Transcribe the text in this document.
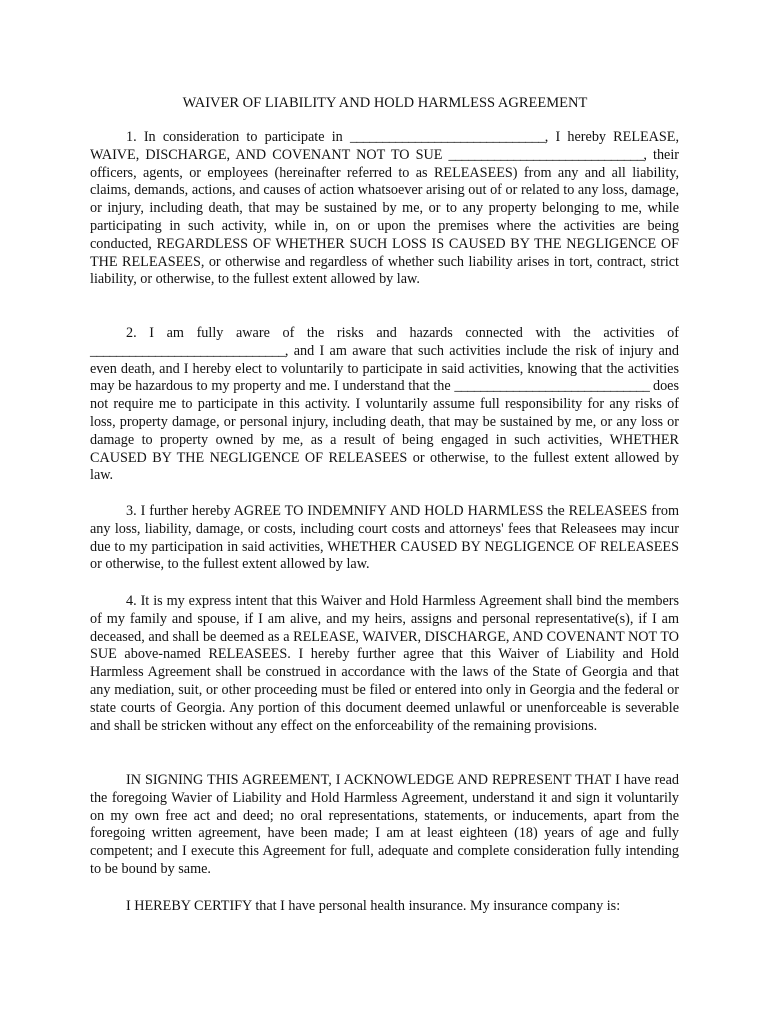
WAIVER OF LIABILITY AND HOLD HARMLESS AGREEMENT

1. In consideration to participate in ______________________________, I hereby RELEASE, WAIVE, DISCHARGE, AND COVENANT NOT TO SUE ______________________________, their officers, agents, or employees (hereinafter referred to as RELEASEES) from any and all liability, claims, demands, actions, and causes of action whatsoever arising out of or related to any loss, damage, or injury, including death, that may be sustained by me, or to any property belonging to me, while participating in such activity, while in, on or upon the premises where the activities are being conducted, REGARDLESS OF WHETHER SUCH LOSS IS CAUSED BY THE NEGLIGENCE OF THE RELEASEES, or otherwise and regardless of whether such liability arises in tort, contract, strict liability, or otherwise, to the fullest extent allowed by law.

2. I am fully aware of the risks and hazards connected with the activities of ______________________________, and I am aware that such activities include the risk of injury and even death, and I hereby elect to voluntarily to participate in said activities, knowing that the activities may be hazardous to my property and me. I understand that the ______________________________ does not require me to participate in this activity. I voluntarily assume full responsibility for any risks of loss, property damage, or personal injury, including death, that may be sustained by me, or any loss or damage to property owned by me, as a result of being engaged in such activities, WHETHER CAUSED BY THE NEGLIGENCE OF RELEASEES or otherwise, to the fullest extent allowed by law.

3. I further hereby AGREE TO INDEMNIFY AND HOLD HARMLESS the RELEASEES from any loss, liability, damage, or costs, including court costs and attorneys' fees that Releasees may incur due to my participation in said activities, WHETHER CAUSED BY NEGLIGENCE OF RELEASEES or otherwise, to the fullest extent allowed by law.

4. It is my express intent that this Waiver and Hold Harmless Agreement shall bind the members of my family and spouse, if I am alive, and my heirs, assigns and personal representative(s), if I am deceased, and shall be deemed as a RELEASE, WAIVER, DISCHARGE, AND COVENANT NOT TO SUE above-named RELEASEES. I hereby further agree that this Waiver of Liability and Hold Harmless Agreement shall be construed in accordance with the laws of the State of Georgia and that any mediation, suit, or other proceeding must be filed or entered into only in Georgia and the federal or state courts of Georgia. Any portion of this document deemed unlawful or unenforceable is severable and shall be stricken without any effect on the enforceability of the remaining provisions.

IN SIGNING THIS AGREEMENT, I ACKNOWLEDGE AND REPRESENT THAT I have read the foregoing Wavier of Liability and Hold Harmless Agreement, understand it and sign it voluntarily on my own free act and deed; no oral representations, statements, or inducements, apart from the foregoing written agreement, have been made; I am at least eighteen (18) years of age and fully competent; and I execute this Agreement for full, adequate and complete consideration fully intending to be bound by same.

I HEREBY CERTIFY that I have personal health insurance. My insurance company is:
